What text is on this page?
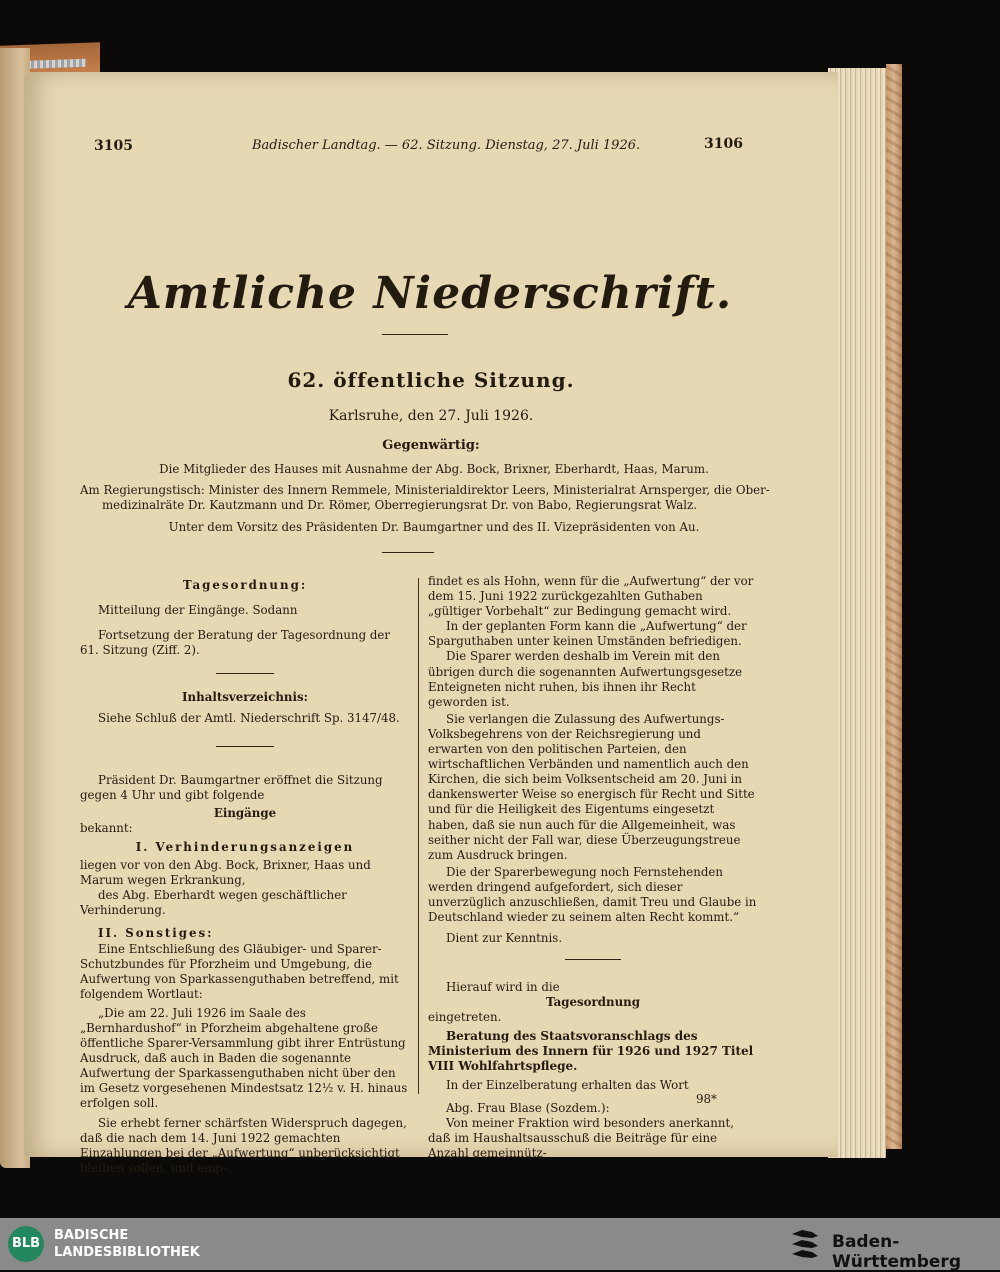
3105	Badischer Landtag. — 62. Sitzung. Dienstag, 27. Juli 1926.	3106
Amtliche Niederschrift.
62. öffentliche Sitzung.
Karlsruhe, den 27. Juli 1926.
Gegenwärtig:
Die Mitglieder des Hauses mit Ausnahme der Abg. Bock, Brixner, Eberhardt, Haas, Marum.
Am Regierungstisch: Minister des Innern Remmele, Ministerialdirektor Leers, Ministerialrat Arnsperger, die Ober-
medizinalräte Dr. Kautzmann und Dr. Römer, Oberregierungsrat Dr. von Babo, Regierungsrat Walz.
Unter dem Vorsitz des Präsidenten Dr. Baumgartner und des II. Vizepräsidenten von Au.
Tagesordnung:

Mitteilung der Eingänge. Sodann

Fortsetzung der Beratung der Tagesordnung der 61. Sitzung (Ziff. 2).

Inhaltsverzeichnis:

Siehe Schluß der Amtl. Niederschrift Sp. 3147/48.

Präsident Dr. Baumgartner eröffnet die Sitzung gegen 4 Uhr und gibt folgende

Eingänge

bekannt:

I. Verhinderungsanzeigen

liegen vor von den Abg. Bock, Brixner, Haas und Marum wegen Erkrankung,

des Abg. Eberhardt wegen geschäftlicher Verhinderung.

II. Sonstiges:

Eine Entschließung des Gläubiger- und Sparer-Schutzbundes für Pforzheim und Umgebung, die Aufwertung von Sparkassenguthaben betreffend, mit folgendem Wortlaut:

„Die am 22. Juli 1926 im Saale des „Bernhardushof“ in Pforzheim abgehaltene große öffentliche Sparer-Versammlung gibt ihrer Entrüstung Ausdruck, daß auch in Baden die sogenannte Aufwertung der Sparkassenguthaben nicht über den im Gesetz vorgesehenen Mindestsatz 12½ v. H. hinaus erfolgen soll.

Sie erhebt ferner schärfsten Widerspruch dagegen, daß die nach dem 14. Juni 1922 gemachten Einzahlungen bei der „Aufwertung“ unberücksichtigt bleiben sollen, und emp-

findet es als Hohn, wenn für die „Aufwertung“ der vor dem 15. Juni 1922 zurückgezahlten Guthaben „gültiger Vorbehalt“ zur Bedingung gemacht wird.

In der geplanten Form kann die „Aufwertung“ der Sparguthaben unter keinen Umständen befriedigen.

Die Sparer werden deshalb im Verein mit den übrigen durch die sogenannten Aufwertungsgesetze Enteigneten nicht ruhen, bis ihnen ihr Recht geworden ist.

Sie verlangen die Zulassung des Aufwertungs-Volksbegehrens von der Reichsregierung und erwarten von den politischen Parteien, den wirtschaftlichen Verbänden und namentlich auch den Kirchen, die sich beim Volksentscheid am 20. Juni in dankenswerter Weise so energisch für Recht und Sitte und für die Heiligkeit des Eigentums eingesetzt haben, daß sie nun auch für die Allgemeinheit, was seither nicht der Fall war, diese Überzeugungstreue zum Ausdruck bringen.

Die der Sparerbewegung noch Fernstehenden werden dringend aufgefordert, sich dieser unverzüglich anzuschließen, damit Treu und Glaube in Deutschland wieder zu seinem alten Recht kommt.“

Dient zur Kenntnis.

Hierauf wird in die

Tagesordnung

eingetreten.

Beratung des Staatsvoranschlags des Ministerium des Innern für 1926 und 1927 Titel VIII Wohlfahrtspflege.

In der Einzelberatung erhalten das Wort

Abg. Frau Blase (Sozdem.):

Von meiner Fraktion wird besonders anerkannt, daß im Haushaltsausschuß die Beiträge für eine Anzahl gemeinnütz-

98*
BLB
BADISCHE
LANDESBIBLIOTHEK
Baden-Württemberg
